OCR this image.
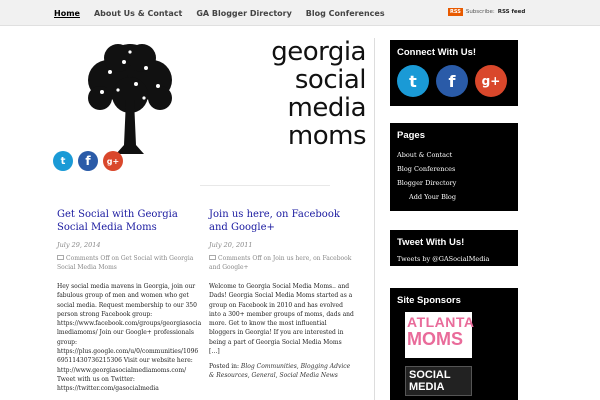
Home About Us & Contact GA Blogger Directory Blog Conferences	RSS Subscribe: RSS feed
georgia
social
media
moms
t	f	g+
Get Social with Georgia Social Media Moms
July 29, 2014
Comments Off on Get Social with Georgia Social Media Moms
Hey social media mavens in Georgia, join our fabulous group of men and women who get social media. Request membership to our 350 person strong Facebook group: https://www.facebook.com/groups/georgiasocialmediamoms/ Join our Google+ professionals group: https://plus.google.com/u/0/communities/109669511430736215306 Visit our website here: http://www.georgiasocialmediamoms.com/ Tweet with us on Twitter: https://twitter.com/gasocialmedia
Join us here, on Facebook and Google+
July 20, 2011
Comments Off on Join us here, on Facebook and Google+
Welcome to Georgia Social Media Moms.. and Dads! Georgia Social Media Moms started as a group on Facebook in 2010 and has evolved into a 300+ member groups of moms, dads and more. Get to know the most influential bloggers in Georgia! If you are interested in being a part of Georgia Social Media Moms […]
Posted in: Blog Communities, Blogging Advice & Resources, General, Social Media News
Connect With Us!
t	f	g+
Pages
About & Contact
Blog Conferences
Blogger Directory
Add Your Blog
Tweet With Us!
Tweets by @GASocialMedia
Site Sponsors
ATLANTA
MOMS
SOCIAL
MEDIA
